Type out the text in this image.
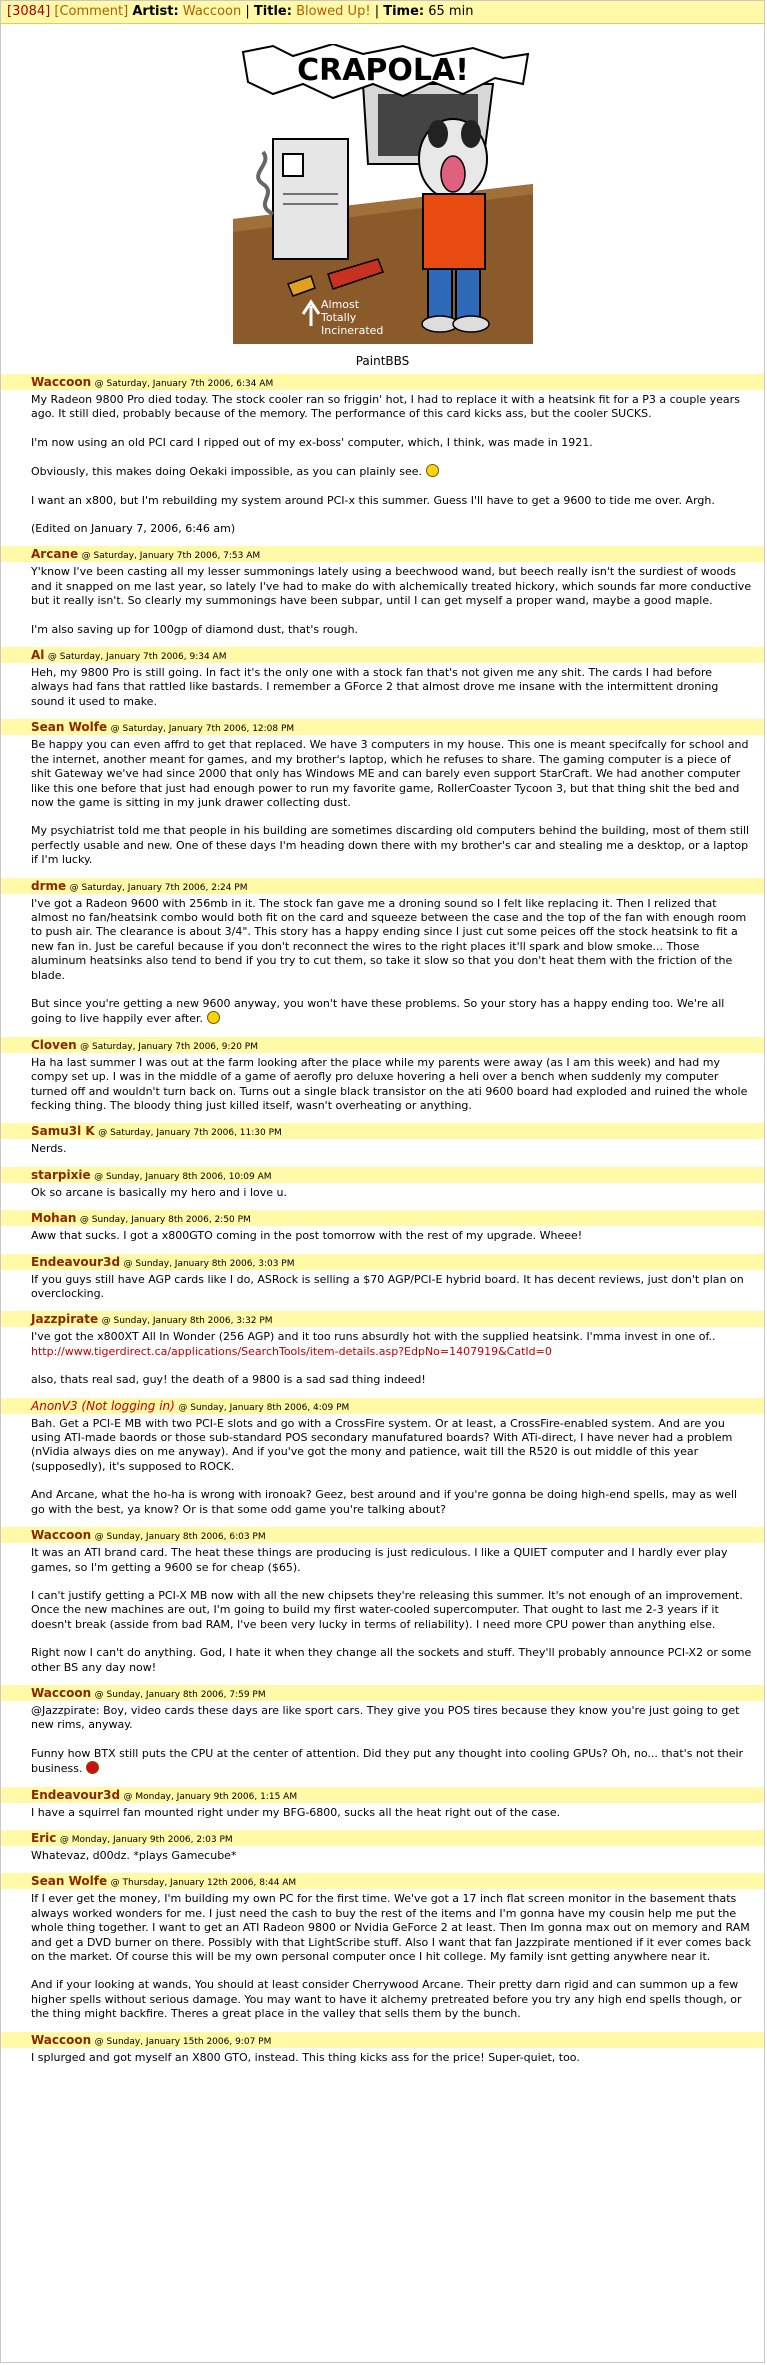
[3084] [Comment] Artist: Waccoon | Title: Blowed Up! | Time: 65 min
CRAPOLA!
Almost
Totally
Incinerated
PaintBBS
Waccoon @ Saturday, January 7th 2006, 6:34 AM

My Radeon 9800 Pro died today. The stock cooler ran so friggin' hot, I had to replace it with a heatsink fit for a P3 a couple years ago. It still died, probably because of the memory. The performance of this card kicks ass, but the cooler SUCKS.

I'm now using an old PCI card I ripped out of my ex-boss' computer, which, I think, was made in 1921.

Obviously, this makes doing Oekaki impossible, as you can plainly see.

I want an x800, but I'm rebuilding my system around PCI-x this summer. Guess I'll have to get a 9600 to tide me over. Argh.

(Edited on January 7, 2006, 6:46 am)

Arcane @ Saturday, January 7th 2006, 7:53 AM

Y'know I've been casting all my lesser summonings lately using a beechwood wand, but beech really isn't the surdiest of woods and it snapped on me last year, so lately I've had to make do with alchemically treated hickory, which sounds far more conductive but it really isn't. So clearly my summonings have been subpar, until I can get myself a proper wand, maybe a good maple.

I'm also saving up for 100gp of diamond dust, that's rough.

Al @ Saturday, January 7th 2006, 9:34 AM

Heh, my 9800 Pro is still going. In fact it's the only one with a stock fan that's not given me any shit. The cards I had before always had fans that rattled like bastards. I remember a GForce 2 that almost drove me insane with the intermittent droning sound it used to make.

Sean Wolfe @ Saturday, January 7th 2006, 12:08 PM

Be happy you can even affrd to get that replaced. We have 3 computers in my house. This one is meant specifcally for school and the internet, another meant for games, and my brother's laptop, which he refuses to share. The gaming computer is a piece of shit Gateway we've had since 2000 that only has Windows ME and can barely even support StarCraft. We had another computer like this one before that just had enough power to run my favorite game, RollerCoaster Tycoon 3, but that thing shit the bed and now the game is sitting in my junk drawer collecting dust.

My psychiatrist told me that people in his building are sometimes discarding old computers behind the building, most of them still perfectly usable and new. One of these days I'm heading down there with my brother's car and stealing me a desktop, or a laptop if I'm lucky.

drme @ Saturday, January 7th 2006, 2:24 PM

I've got a Radeon 9600 with 256mb in it. The stock fan gave me a droning sound so I felt like replacing it. Then I relized that almost no fan/heatsink combo would both fit on the card and squeeze between the case and the top of the fan with enough room to push air. The clearance is about 3/4". This story has a happy ending since I just cut some peices off the stock heatsink to fit a new fan in. Just be careful because if you don't reconnect the wires to the right places it'll spark and blow smoke... Those aluminum heatsinks also tend to bend if you try to cut them, so take it slow so that you don't heat them with the friction of the blade.

But since you're getting a new 9600 anyway, you won't have these problems. So your story has a happy ending too. We're all going to live happily ever after.

Cloven @ Saturday, January 7th 2006, 9:20 PM

Ha ha last summer I was out at the farm looking after the place while my parents were away (as I am this week) and had my compy set up. I was in the middle of a game of aerofly pro deluxe hovering a heli over a bench when suddenly my computer turned off and wouldn't turn back on. Turns out a single black transistor on the ati 9600 board had exploded and ruined the whole fecking thing. The bloody thing just killed itself, wasn't overheating or anything.

Samu3l K @ Saturday, January 7th 2006, 11:30 PM

Nerds.

starpixie @ Sunday, January 8th 2006, 10:09 AM

Ok so arcane is basically my hero and i love u.

Mohan @ Sunday, January 8th 2006, 2:50 PM

Aww that sucks. I got a x800GTO coming in the post tomorrow with the rest of my upgrade. Wheee!

Endeavour3d @ Sunday, January 8th 2006, 3:03 PM

If you guys still have AGP cards like I do, ASRock is selling a $70 AGP/PCI-E hybrid board. It has decent reviews, just don't plan on overclocking.

Jazzpirate @ Sunday, January 8th 2006, 3:32 PM

I've got the x800XT All In Wonder (256 AGP) and it too runs absurdly hot with the supplied heatsink. I'mma invest in one of..
http://www.tigerdirect.ca/applications/SearchTools/item-details.asp?EdpNo=1407919&CatId=0

also, thats real sad, guy! the death of a 9800 is a sad sad thing indeed!

AnonV3 (Not logging in) @ Sunday, January 8th 2006, 4:09 PM

Bah. Get a PCI-E MB with two PCI-E slots and go with a CrossFire system. Or at least, a CrossFire-enabled system. And are you using ATI-made baords or those sub-standard POS secondary manufatured boards? With ATi-direct, I have never had a problem (nVidia always dies on me anyway). And if you've got the mony and patience, wait till the R520 is out middle of this year (supposedly), it's supposed to ROCK.

And Arcane, what the ho-ha is wrong with ironoak? Geez, best around and if you're gonna be doing high-end spells, may as well go with the best, ya know? Or is that some odd game you're talking about?

Waccoon @ Sunday, January 8th 2006, 6:03 PM

It was an ATI brand card. The heat these things are producing is just rediculous. I like a QUIET computer and I hardly ever play games, so I'm getting a 9600 se for cheap ($65).

I can't justify getting a PCI-X MB now with all the new chipsets they're releasing this summer. It's not enough of an improvement. Once the new machines are out, I'm going to build my first water-cooled supercomputer. That ought to last me 2-3 years if it doesn't break (asside from bad RAM, I've been very lucky in terms of reliability). I need more CPU power than anything else.

Right now I can't do anything. God, I hate it when they change all the sockets and stuff. They'll probably announce PCI-X2 or some other BS any day now!

Waccoon @ Sunday, January 8th 2006, 7:59 PM

@Jazzpirate: Boy, video cards these days are like sport cars. They give you POS tires because they know you're just going to get new rims, anyway.

Funny how BTX still puts the CPU at the center of attention. Did they put any thought into cooling GPUs? Oh, no... that's not their business.

Endeavour3d @ Monday, January 9th 2006, 1:15 AM

I have a squirrel fan mounted right under my BFG-6800, sucks all the heat right out of the case.

Eric @ Monday, January 9th 2006, 2:03 PM

Whatevaz, d00dz. *plays Gamecube*

Sean Wolfe @ Thursday, January 12th 2006, 8:44 AM

If I ever get the money, I'm building my own PC for the first time. We've got a 17 inch flat screen monitor in the basement thats always worked wonders for me. I just need the cash to buy the rest of the items and I'm gonna have my cousin help me put the whole thing together. I want to get an ATI Radeon 9800 or Nvidia GeForce 2 at least. Then Im gonna max out on memory and RAM and get a DVD burner on there. Possibly with that LightScribe stuff. Also I want that fan Jazzpirate mentioned if it ever comes back on the market. Of course this will be my own personal computer once I hit college. My family isnt getting anywhere near it.

And if your looking at wands, You should at least consider Cherrywood Arcane. Their pretty darn rigid and can summon up a few higher spells without serious damage. You may want to have it alchemy pretreated before you try any high end spells though, or the thing might backfire. Theres a great place in the valley that sells them by the bunch.

Waccoon @ Sunday, January 15th 2006, 9:07 PM

I splurged and got myself an X800 GTO, instead. This thing kicks ass for the price! Super-quiet, too.
